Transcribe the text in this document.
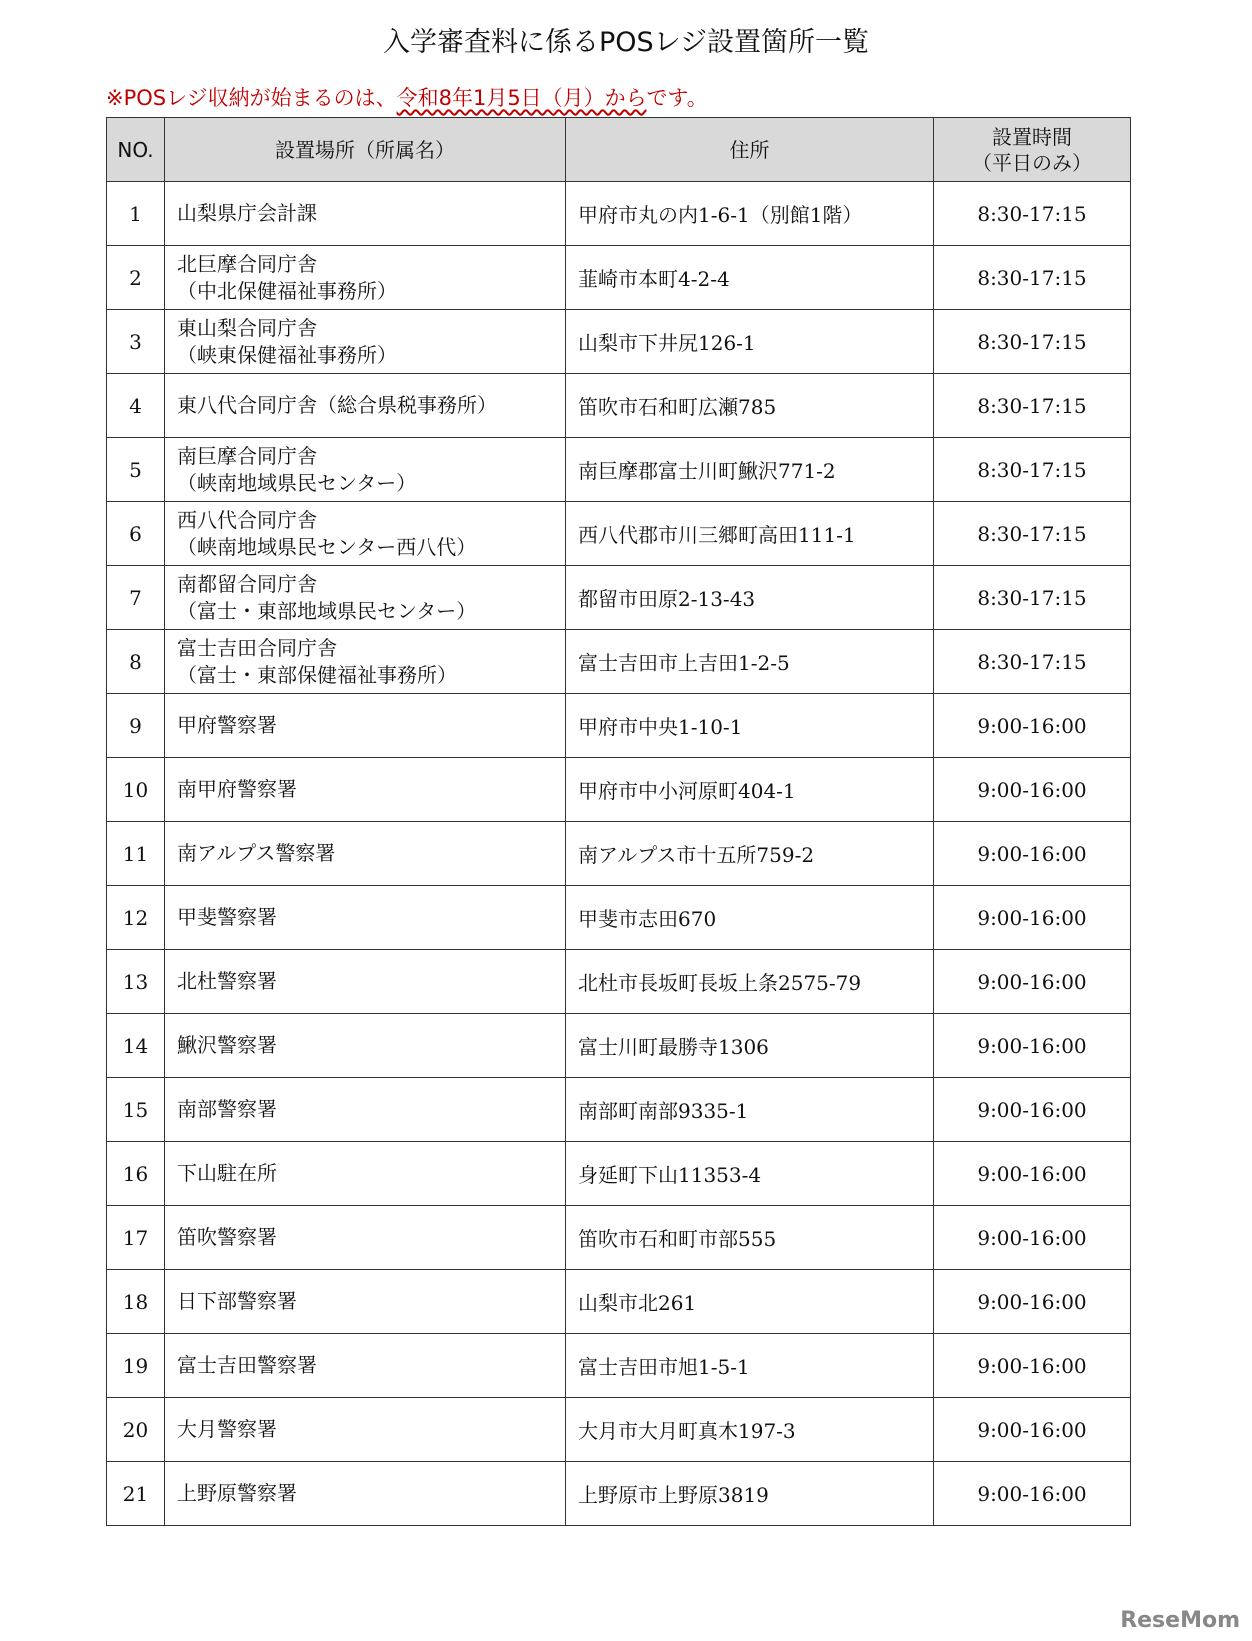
入学審査料に係るPOSレジ設置箇所一覧
※POSレジ収納が始まるのは、令和8年1月5日（月）からです。
NO.	設置場所（所属名）	住所	設置時間
（平日のみ）

1	山梨県庁会計課	甲府市丸の内1-6-1（別館1階）	8:30-17:15
2	北巨摩合同庁舎
（中北保健福祉事務所）	韮崎市本町4-2-4	8:30-17:15
3	東山梨合同庁舎
（峡東保健福祉事務所）	山梨市下井尻126-1	8:30-17:15
4	東八代合同庁舎（総合県税事務所）	笛吹市石和町広瀬785	8:30-17:15
5	南巨摩合同庁舎
（峡南地域県民センター）	南巨摩郡富士川町鰍沢771-2	8:30-17:15
6	西八代合同庁舎
（峡南地域県民センター西八代）	西八代郡市川三郷町高田111-1	8:30-17:15
7	南都留合同庁舎
（富士・東部地域県民センター）	都留市田原2-13-43	8:30-17:15
8	富士吉田合同庁舎
（富士・東部保健福祉事務所）	富士吉田市上吉田1-2-5	8:30-17:15
9	甲府警察署	甲府市中央1-10-1	9:00-16:00
10	南甲府警察署	甲府市中小河原町404-1	9:00-16:00
11	南アルプス警察署	南アルプス市十五所759-2	9:00-16:00
12	甲斐警察署	甲斐市志田670	9:00-16:00
13	北杜警察署	北杜市長坂町長坂上条2575-79	9:00-16:00
14	鰍沢警察署	富士川町最勝寺1306	9:00-16:00
15	南部警察署	南部町南部9335-1	9:00-16:00
16	下山駐在所	身延町下山11353-4	9:00-16:00
17	笛吹警察署	笛吹市石和町市部555	9:00-16:00
18	日下部警察署	山梨市北261	9:00-16:00
19	富士吉田警察署	富士吉田市旭1-5-1	9:00-16:00
20	大月警察署	大月市大月町真木197-3	9:00-16:00
21	上野原警察署	上野原市上野原3819	9:00-16:00
ReseMom
